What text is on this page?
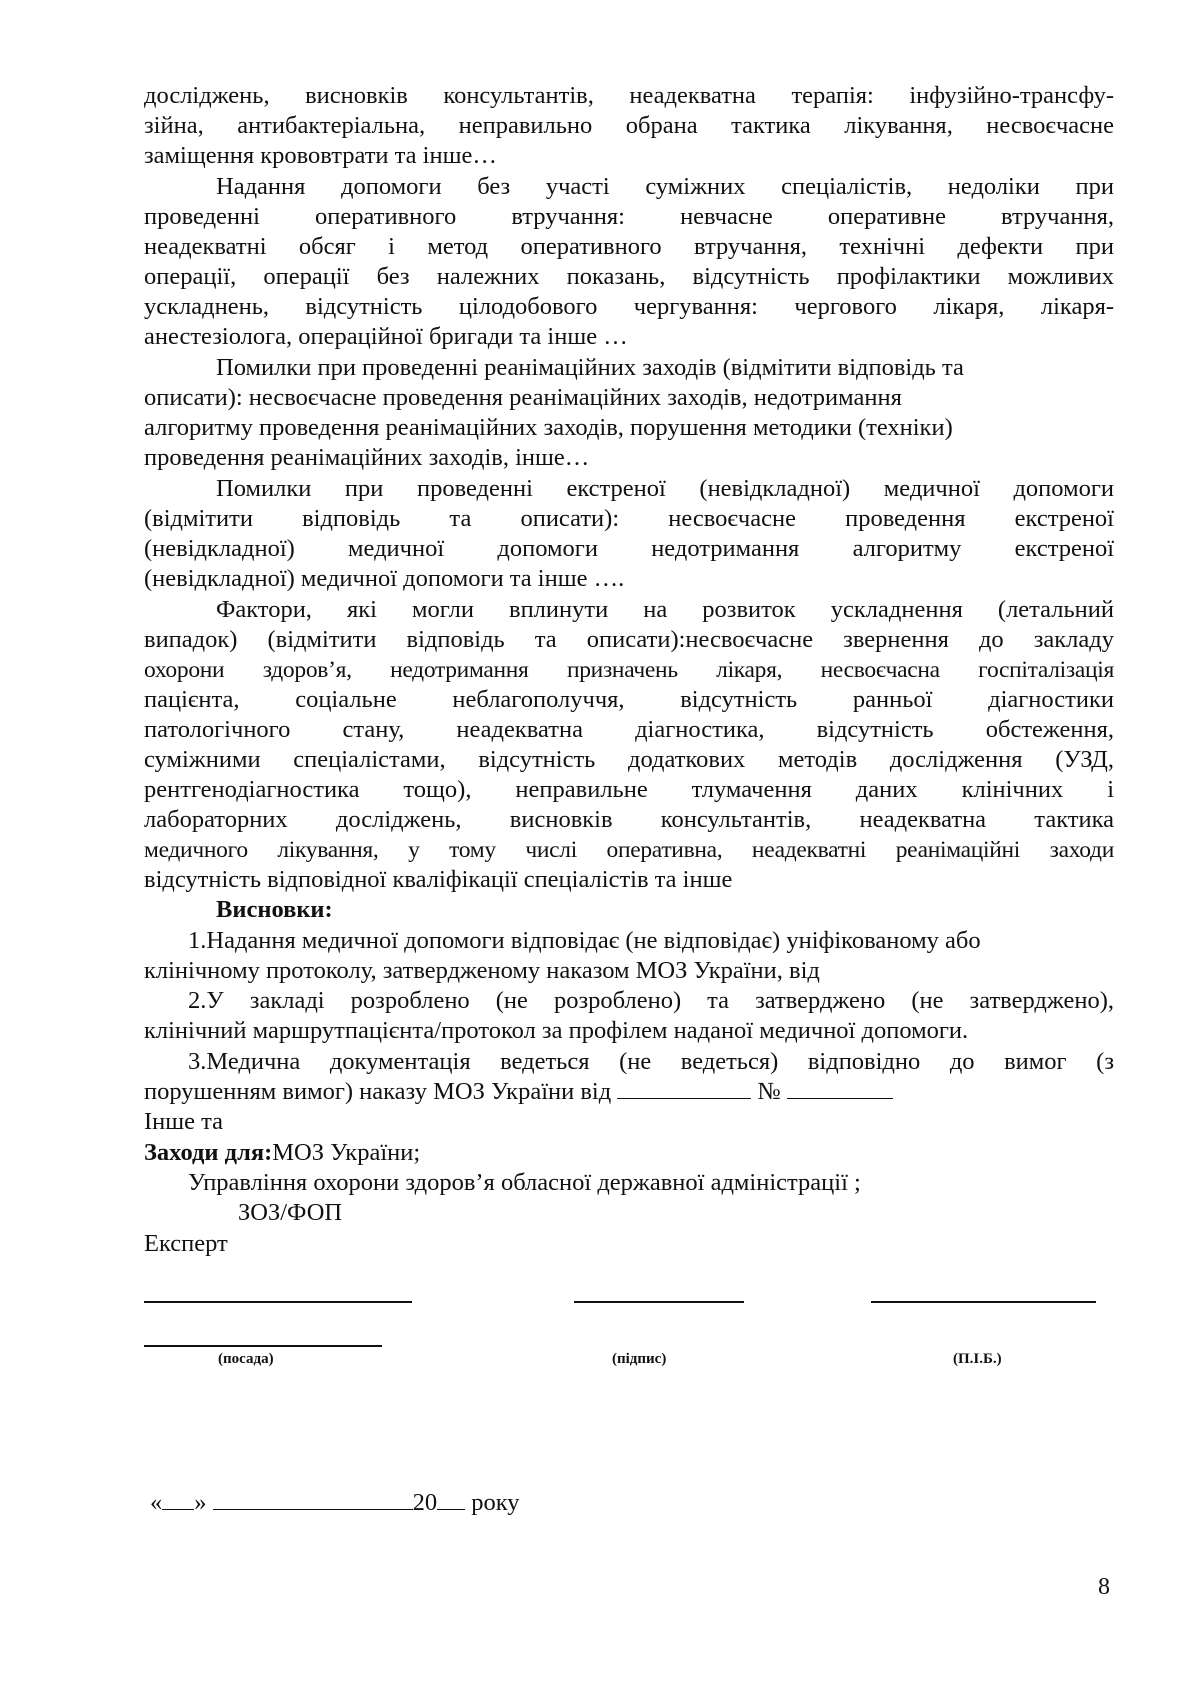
досліджень, висновків консультантів, неадекватна терапія: інфузійно-трансфу-
зійна, антибактеріальна, неправильно обрана тактика лікування, несвоєчасне
заміщення крововтрати та інше…
Надання допомоги без участі суміжних спеціалістів, недоліки при
проведенні оперативного втручання: невчасне оперативне втручання,
неадекватні обсяг і метод оперативного втручання, технічні дефекти при
операції, операції без належних показань, відсутність профілактики можливих
ускладнень, відсутність цілодобового чергування: чергового лікаря, лікаря-
анестезіолога, операційної бригади та інше …
Помилки при проведенні реанімаційних заходів (відмітити відповідь та
описати): несвоєчасне проведення реанімаційних заходів, недотримання
алгоритму проведення реанімаційних заходів, порушення методики (техніки)
проведення реанімаційних заходів, інше…
Помилки при проведенні екстреної (невідкладної) медичної допомоги
(відмітити відповідь та описати): несвоєчасне проведення екстреної
(невідкладної) медичної допомоги недотримання алгоритму екстреної
(невідкладної) медичної допомоги та інше ….
Фактори, які могли вплинути на розвиток ускладнення (летальний
випадок) (відмітити відповідь та описати):несвоєчасне звернення до закладу
охорони здоров’я, недотримання призначень лікаря, несвоєчасна госпіталізація
пацієнта, соціальне неблагополуччя, відсутність ранньої діагностики
патологічного стану, неадекватна діагностика, відсутність обстеження,
суміжними спеціалістами, відсутність додаткових методів дослідження (УЗД,
рентгенодіагностика тощо), неправильне тлумачення даних клінічних і
лабораторних досліджень, висновків консультантів, неадекватна тактика
медичного лікування, у тому числі оперативна, неадекватні реанімаційні заходи
відсутність відповідної кваліфікації спеціалістів та інше
Висновки:
1.Надання медичної допомоги відповідає (не відповідає) уніфікованому або
клінічному протоколу, затвердженому наказом МОЗ України, від
2.У закладі розроблено (не розроблено) та затверджено (не затверджено),
клінічний маршрутпацієнта/протокол за профілем наданої медичної допомоги.
3.Медична документація ведеться (не ведеться) відповідно до вимог (з
порушенням вимог) наказу МОЗ України від	№
Інше та
Заходи для:МОЗ України;
Управління охорони здоров’я обласної державної адміністрації ;
ЗОЗ/ФОП
Експерт
(посада)	(підпис)	(П.І.Б.)
« »	20 року
8
